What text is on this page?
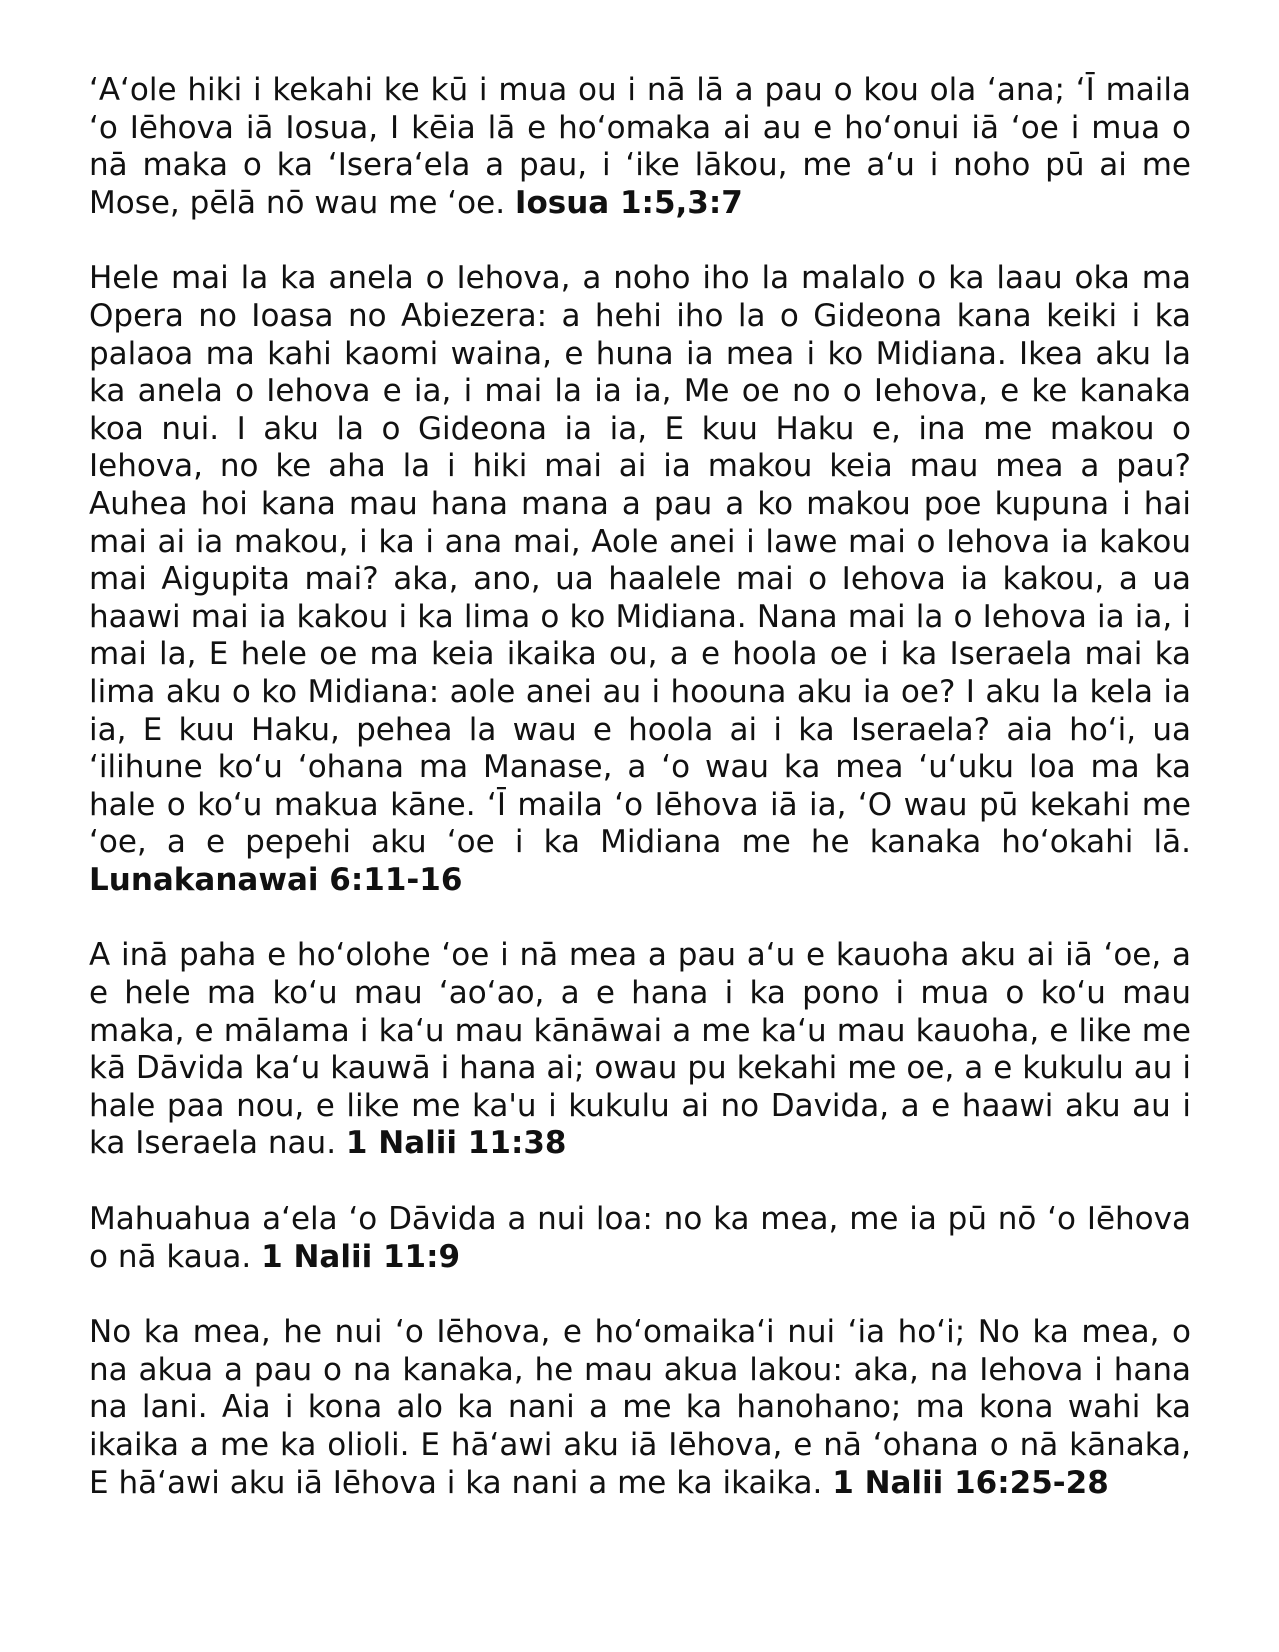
ʻAʻole hiki i kekahi ke kū i mua ou i nā lā a pau o kou ola ʻana; ʻĪ maila ʻo Iēhova iā Iosua, I kēia lā e hoʻomaka ai au e hoʻonui iā ʻoe i mua o nā maka o ka ʻIseraʻela a pau, i ʻike lākou, me aʻu i noho pū ai me Mose, pēlā nō wau me ʻoe. Iosua 1:5,3:7

Hele mai la ka anela o Iehova, a noho iho la malalo o ka laau oka ma Opera no Ioasa no Abiezera: a hehi iho la o Gideona kana keiki i ka palaoa ma kahi kaomi waina, e huna ia mea i ko Midiana. Ikea aku la ka anela o Iehova e ia, i mai la ia ia, Me oe no o Iehova, e ke kanaka koa nui. I aku la o Gideona ia ia, E kuu Haku e, ina me makou o Iehova, no ke aha la i hiki mai ai ia makou keia mau mea a pau? Auhea hoi kana mau hana mana a pau a ko makou poe kupuna i hai mai ai ia makou, i ka i ana mai, Aole anei i lawe mai o Iehova ia kakou mai Aigupita mai? aka, ano, ua haalele mai o Iehova ia kakou, a ua haawi mai ia kakou i ka lima o ko Midiana. Nana mai la o Iehova ia ia, i mai la, E hele oe ma keia ikaika ou, a e hoola oe i ka Iseraela mai ka lima aku o ko Midiana: aole anei au i hoouna aku ia oe? I aku la kela ia ia, E kuu Haku, pehea la wau e hoola ai i ka Iseraela? aia hoʻi, ua ʻilihune koʻu ʻohana ma Manase, a ʻo wau ka mea ʻuʻuku loa ma ka hale o koʻu makua kāne. ʻĪ maila ʻo Iēhova iā ia, ʻO wau pū kekahi me ʻoe, a e pepehi aku ʻoe i ka Midiana me he kanaka hoʻokahi lā. Lunakanawai 6:11-16

A inā paha e hoʻolohe ʻoe i nā mea a pau aʻu e kauoha aku ai iā ʻoe, a e hele ma koʻu mau ʻaoʻao, a e hana i ka pono i mua o koʻu mau maka, e mālama i kaʻu mau kānāwai a me kaʻu mau kauoha, e like me kā Dāvida kaʻu kauwā i hana ai; owau pu kekahi me oe, a e kukulu au i hale paa nou, e like me ka'u i kukulu ai no Davida, a e haawi aku au i ka Iseraela nau. 1 Nalii 11:38

Mahuahua aʻela ʻo Dāvida a nui loa: no ka mea, me ia pū nō ʻo Iēhova o nā kaua. 1 Nalii 11:9

No ka mea, he nui ʻo Iēhova, e hoʻomaikaʻi nui ʻia hoʻi; No ka mea, o na akua a pau o na kanaka, he mau akua lakou: aka, na Iehova i hana na lani. Aia i kona alo ka nani a me ka hanohano; ma kona wahi ka ikaika a me ka olioli. E hāʻawi aku iā Iēhova, e nā ʻohana o nā kānaka, E hāʻawi aku iā Iēhova i ka nani a me ka ikaika. 1 Nalii 16:25-28
